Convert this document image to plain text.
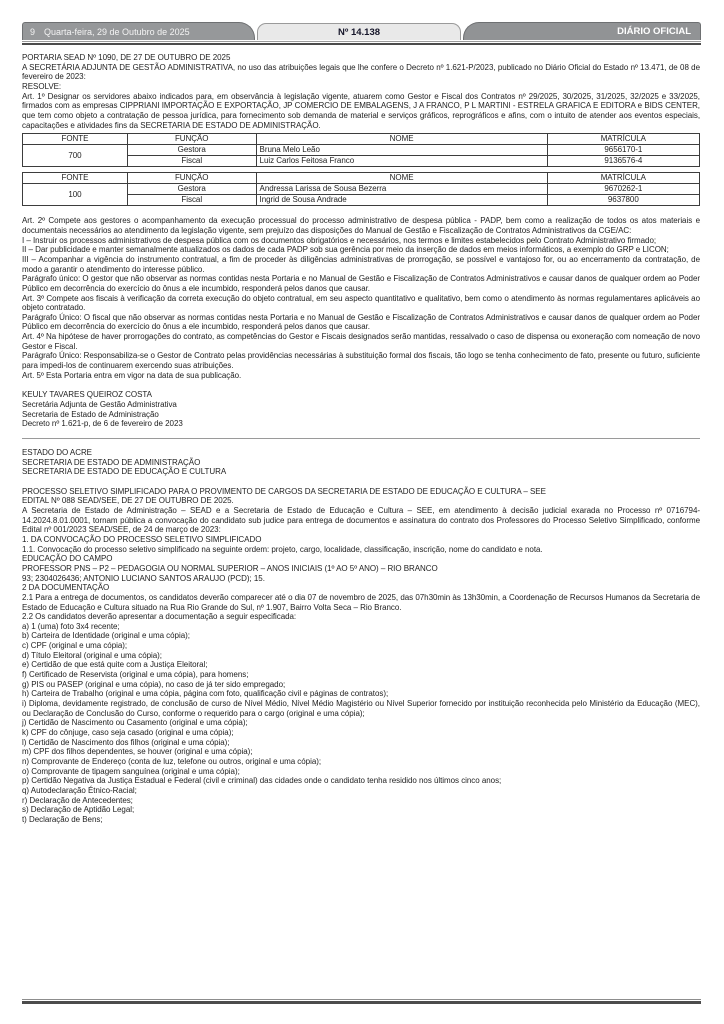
9 Quarta-feira, 29 de Outubro de 2025	Nº 14.138	DIÁRIO OFICIAL
PORTARIA SEAD Nº 1090, DE 27 DE OUTUBRO DE 2025
A SECRETÁRIA ADJUNTA DE GESTÃO ADMINISTRATIVA, no uso das atribuições legais que lhe confere o Decreto nº 1.621-P/2023, publicado no Diário Oficial do Estado nº 13.471, de 08 de fevereiro de 2023:
RESOLVE:
Art. 1º Designar os servidores abaixo indicados para, em observância à legislação vigente, atuarem como Gestor e Fiscal dos Contratos nº 29/2025, 30/2025, 31/2025, 32/2025 e 33/2025, firmados com as empresas CIPPRIANI IMPORTAÇÃO E EXPORTAÇÃO, JP COMERCIO DE EMBALAGENS, J A FRANCO, P L MARTINI - ESTRELA GRAFICA E EDITORA e BIDS CENTER, que tem como objeto a contratação de pessoa jurídica, para fornecimento sob demanda de material e serviços gráficos, reprográficos e afins, com o intuito de atender aos eventos especiais, capacitações e atividades fins da SECRETARIA DE ESTADO DE ADMINISTRAÇÃO.
FONTE	FUNÇÃO	NOME	MATRÍCULA
700	Gestora	Bruna Melo Leão	9656170-1
	Fiscal	Luiz Carlos Feitosa Franco	9136576-4
FONTE	FUNÇÃO	NOME	MATRÍCULA
100	Gestora	Andressa Larissa de Sousa Bezerra	9670262-1
	Fiscal	Ingrid de Sousa Andrade	9637800
Art. 2º Compete aos gestores o acompanhamento da execução processual do processo administrativo de despesa pública - PADP, bem como a realização de todos os atos materiais e documentais necessários ao atendimento da legislação vigente, sem prejuízo das disposições do Manual de Gestão e Fiscalização de Contratos Administrativos da CGE/AC:
I – Instruir os processos administrativos de despesa pública com os documentos obrigatórios e necessários, nos termos e limites estabelecidos pelo Contrato Administrativo firmado;
II – Dar publicidade e manter semanalmente atualizados os dados de cada PADP sob sua gerência por meio da inserção de dados em meios informáticos, a exemplo do GRP e LICON;
III – Acompanhar a vigência do instrumento contratual, a fim de proceder às diligências administrativas de prorrogação, se possível e vantajoso for, ou ao encerramento da contratação, de modo a garantir o atendimento do interesse público.
Parágrafo único: O gestor que não observar as normas contidas nesta Portaria e no Manual de Gestão e Fiscalização de Contratos Administrativos e causar danos de qualquer ordem ao Poder Público em decorrência do exercício do ônus a ele incumbido, responderá pelos danos que causar.
Art. 3º Compete aos fiscais à verificação da correta execução do objeto contratual, em seu aspecto quantitativo e qualitativo, bem como o atendimento às normas regulamentares aplicáveis ao objeto contratado.
Parágrafo Único: O fiscal que não observar as normas contidas nesta Portaria e no Manual de Gestão e Fiscalização de Contratos Administrativos e causar danos de qualquer ordem ao Poder Público em decorrência do exercício do ônus a ele incumbido, responderá pelos danos que causar.
Art. 4º Na hipótese de haver prorrogações do contrato, as competências do Gestor e Fiscais designados serão mantidas, ressalvado o caso de dispensa ou exoneração com nomeação de novo Gestor e Fiscal.
Parágrafo Único: Responsabiliza-se o Gestor de Contrato pelas providências necessárias à substituição formal dos fiscais, tão logo se tenha conhecimento de fato, presente ou futuro, suficiente para impedi-los de continuarem exercendo suas atribuições.
Art. 5º Esta Portaria entra em vigor na data de sua publicação.
KEULY TAVARES QUEIROZ COSTA
Secretária Adjunta de Gestão Administrativa
Secretaria de Estado de Administração
Decreto nº 1.621-p, de 6 de fevereiro de 2023
ESTADO DO ACRE
SECRETARIA DE ESTADO DE ADMINISTRAÇÃO
SECRETARIA DE ESTADO DE EDUCAÇÃO E CULTURA
PROCESSO SELETIVO SIMPLIFICADO PARA O PROVIMENTO DE CARGOS DA SECRETARIA DE ESTADO DE EDUCAÇÃO E CULTURA – SEE
EDITAL Nº 088 SEAD/SEE, DE 27 DE OUTUBRO DE 2025.
A Secretaria de Estado de Administração – SEAD e a Secretaria de Estado de Educação e Cultura – SEE, em atendimento à decisão judicial exarada no Processo nº 0716794-14.2024.8.01.0001, tornam pública a convocação do candidato sub judice para entrega de documentos e assinatura do contrato dos Professores do Processo Seletivo Simplificado, conforme Edital nº 001/2023 SEAD/SEE, de 24 de março de 2023:
1. DA CONVOCAÇÃO DO PROCESSO SELETIVO SIMPLIFICADO
1.1. Convocação do processo seletivo simplificado na seguinte ordem: projeto, cargo, localidade, classificação, inscrição, nome do candidato e nota.
EDUCAÇÃO DO CAMPO
PROFESSOR PNS – P2 – PEDAGOGIA OU NORMAL SUPERIOR – ANOS INICIAIS (1º AO 5º ANO) – RIO BRANCO
93; 2304026436; ANTONIO LUCIANO SANTOS ARAUJO (PCD); 15.
2 DA DOCUMENTAÇÃO
2.1 Para a entrega de documentos, os candidatos deverão comparecer até o dia 07 de novembro de 2025, das 07h30min às 13h30min, a Coordenação de Recursos Humanos da Secretaria de Estado de Educação e Cultura situado na Rua Rio Grande do Sul, nº 1.907, Bairro Volta Seca – Rio Branco.
2.2 Os candidatos deverão apresentar a documentação a seguir especificada:
a) 1 (uma) foto 3x4 recente;
b) Carteira de Identidade (original e uma cópia);
c) CPF (original e uma cópia);
d) Título Eleitoral (original e uma cópia);
e) Certidão de que está quite com a Justiça Eleitoral;
f) Certificado de Reservista (original e uma cópia), para homens;
g) PIS ou PASEP (original e uma cópia), no caso de já ter sido empregado;
h) Carteira de Trabalho (original e uma cópia, página com foto, qualificação civil e páginas de contratos);
i) Diploma, devidamente registrado, de conclusão de curso de Nível Médio, Nível Médio Magistério ou Nível Superior fornecido por instituição reconhecida pelo Ministério da Educação (MEC), ou Declaração de Conclusão do Curso, conforme o requerido para o cargo (original e uma cópia);
j) Certidão de Nascimento ou Casamento (original e uma cópia);
k) CPF do cônjuge, caso seja casado (original e uma cópia);
l) Certidão de Nascimento dos filhos (original e uma cópia);
m) CPF dos filhos dependentes, se houver (original e uma cópia);
n) Comprovante de Endereço (conta de luz, telefone ou outros, original e uma cópia);
o) Comprovante de tipagem sanguínea (original e uma cópia);
p) Certidão Negativa da Justiça Estadual e Federal (civil e criminal) das cidades onde o candidato tenha residido nos últimos cinco anos;
q) Autodeclaração Étnico-Racial;
r) Declaração de Antecedentes;
s) Declaração de Aptidão Legal;
t) Declaração de Bens;
